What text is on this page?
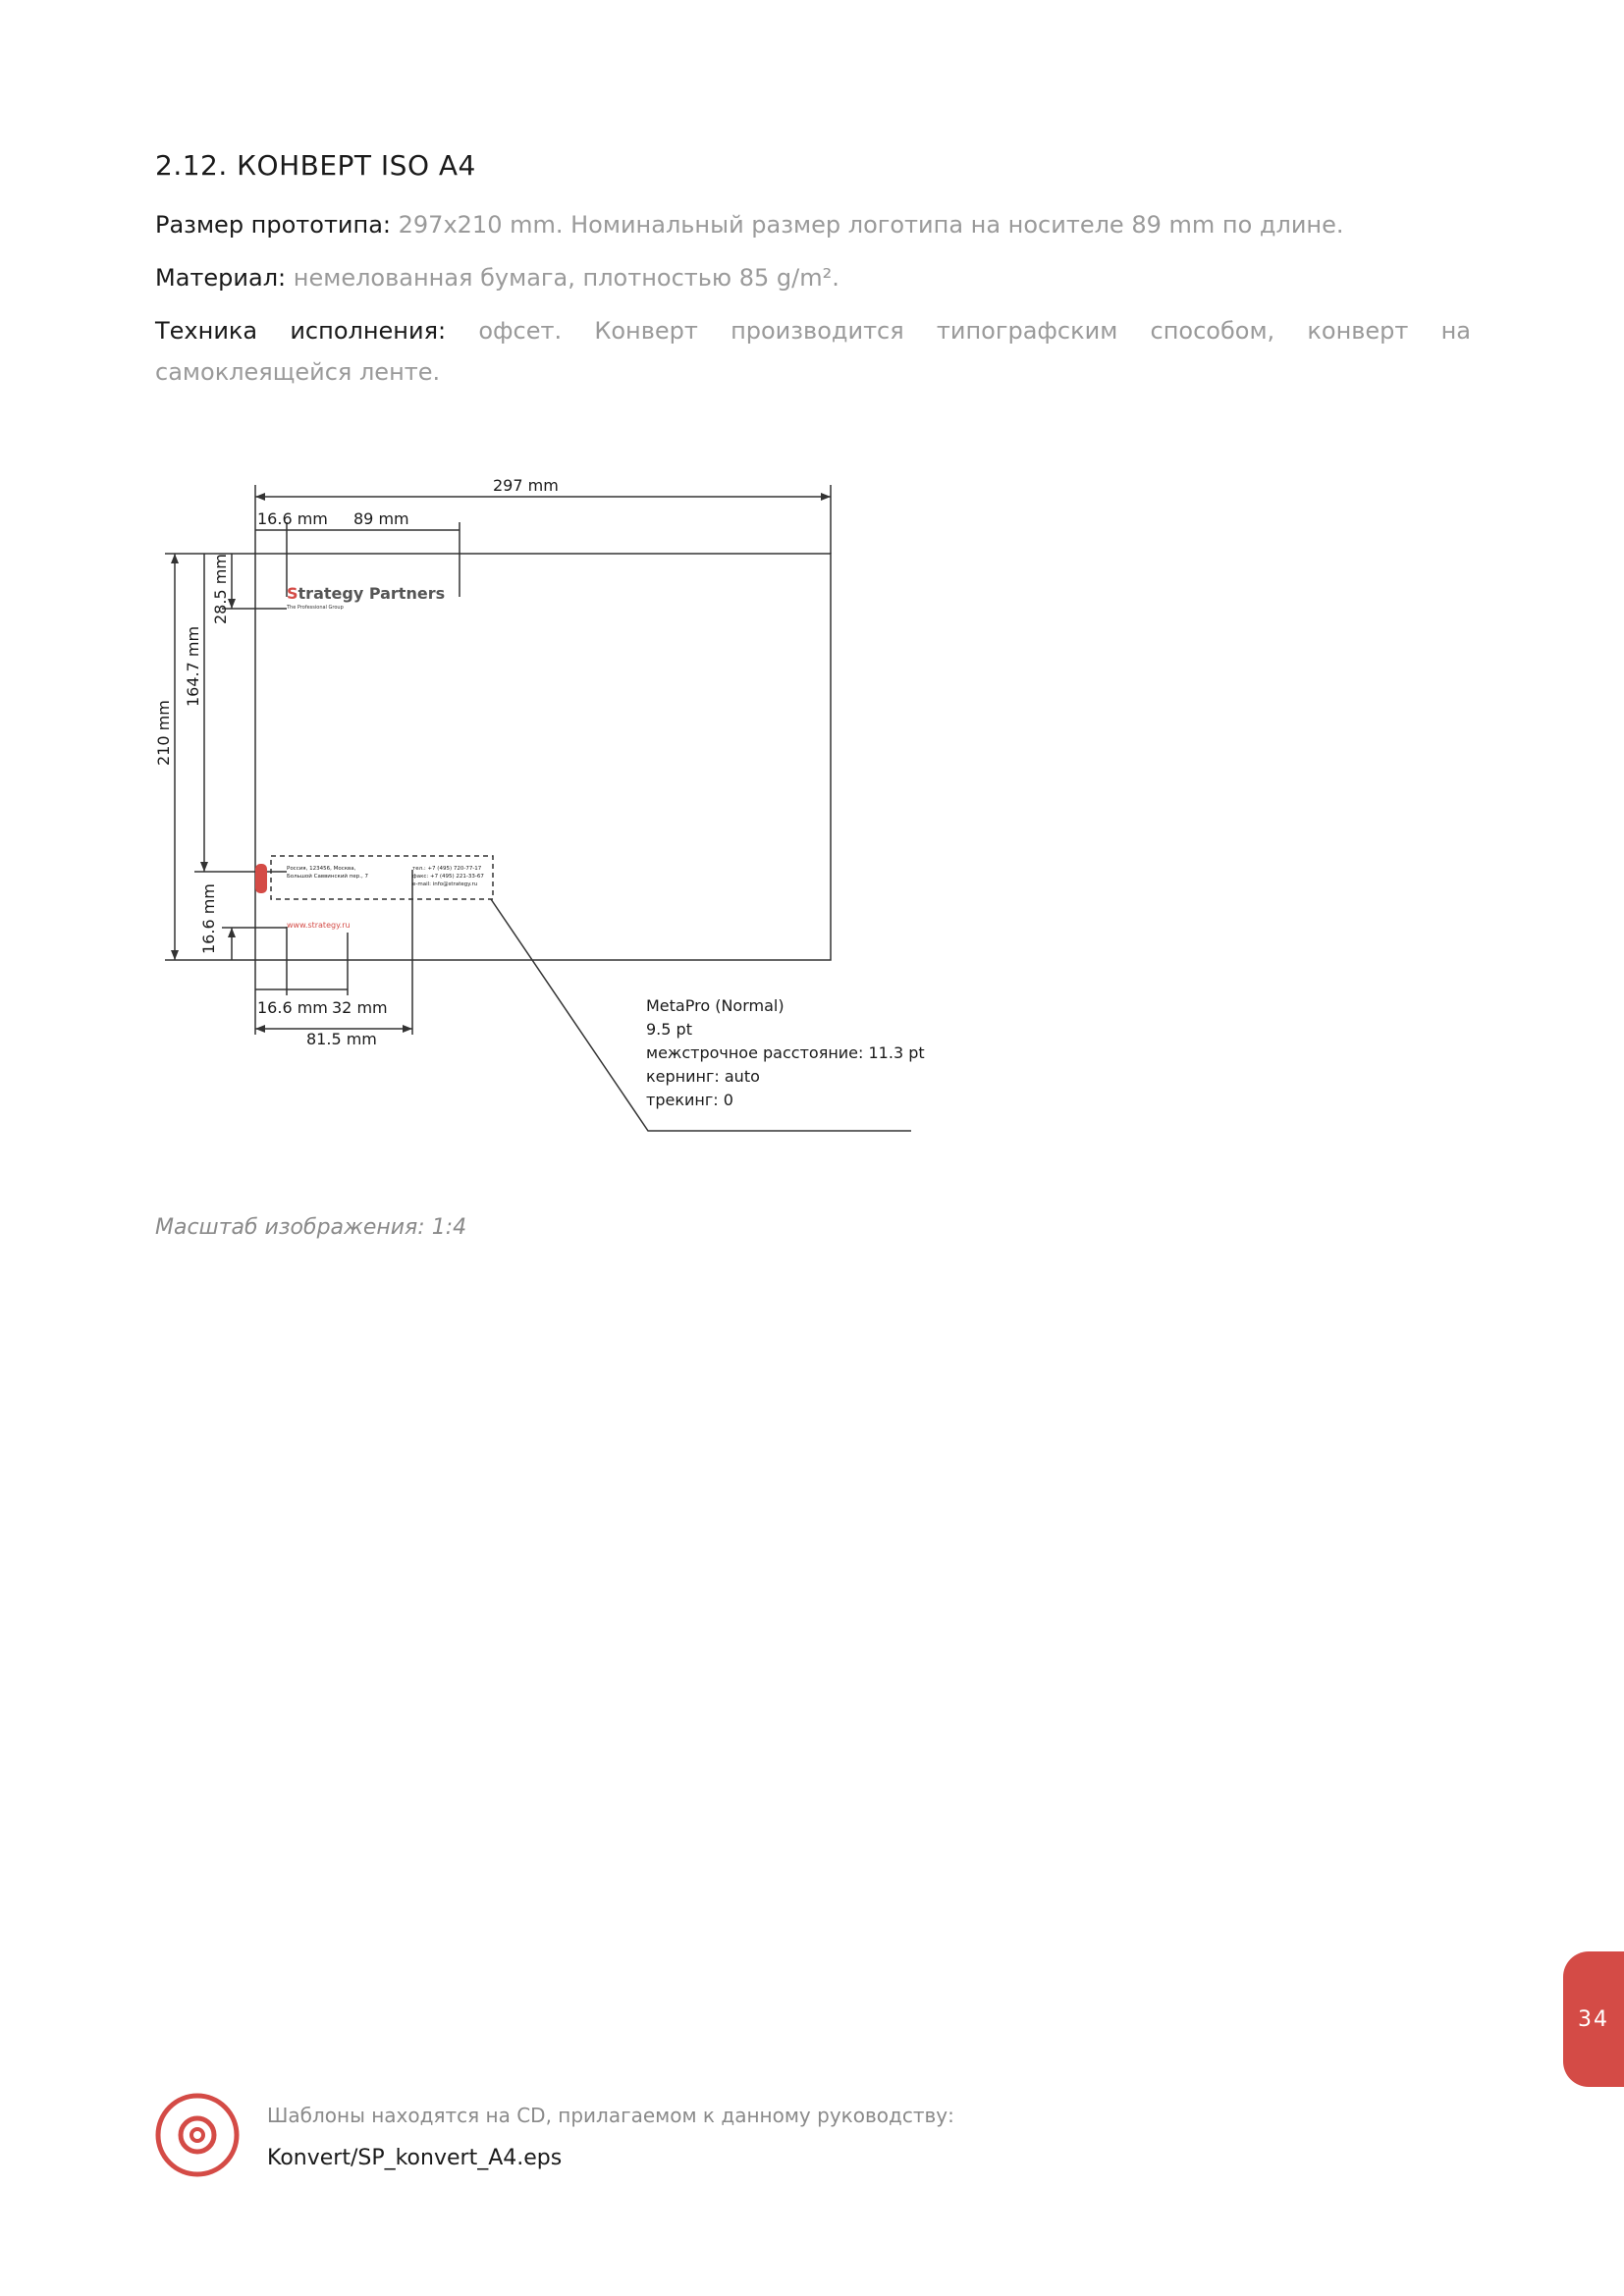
2.12. КОНВЕРТ ISO A4

Размер прототипа: 297x210 mm. Номинальный размер логотипа на носителе 89 mm по длине.

Материал: немелованная бумага, плотностью 85 g/m².

Техника исполнения: офсет. Конверт производится типографским способом, конверт на самоклеящейся ленте.

297 mm
16.6 mm 89 mm
210 mm
28.5 mm
164.7 mm
16.6 mm
16.6 mm 32 mm
81.5 mm
Strategy Partners
The Professional Group
Россия, 123456, Москва,
Большой Саввинский пер., 7
тел.: +7 (495) 720-77-17
факс: +7 (495) 221-33-67
e-mail: info@strategy.ru
www.strategy.ru
MetaPro (Normal)
9.5 pt
межстрочное расстояние: 11.3 pt
кернинг: auto
трекинг: 0

Масштаб изображения: 1:4

34

Шаблоны находятся на CD, прилагаемом к данному руководству:

Konvert/SP_konvert_A4.eps
